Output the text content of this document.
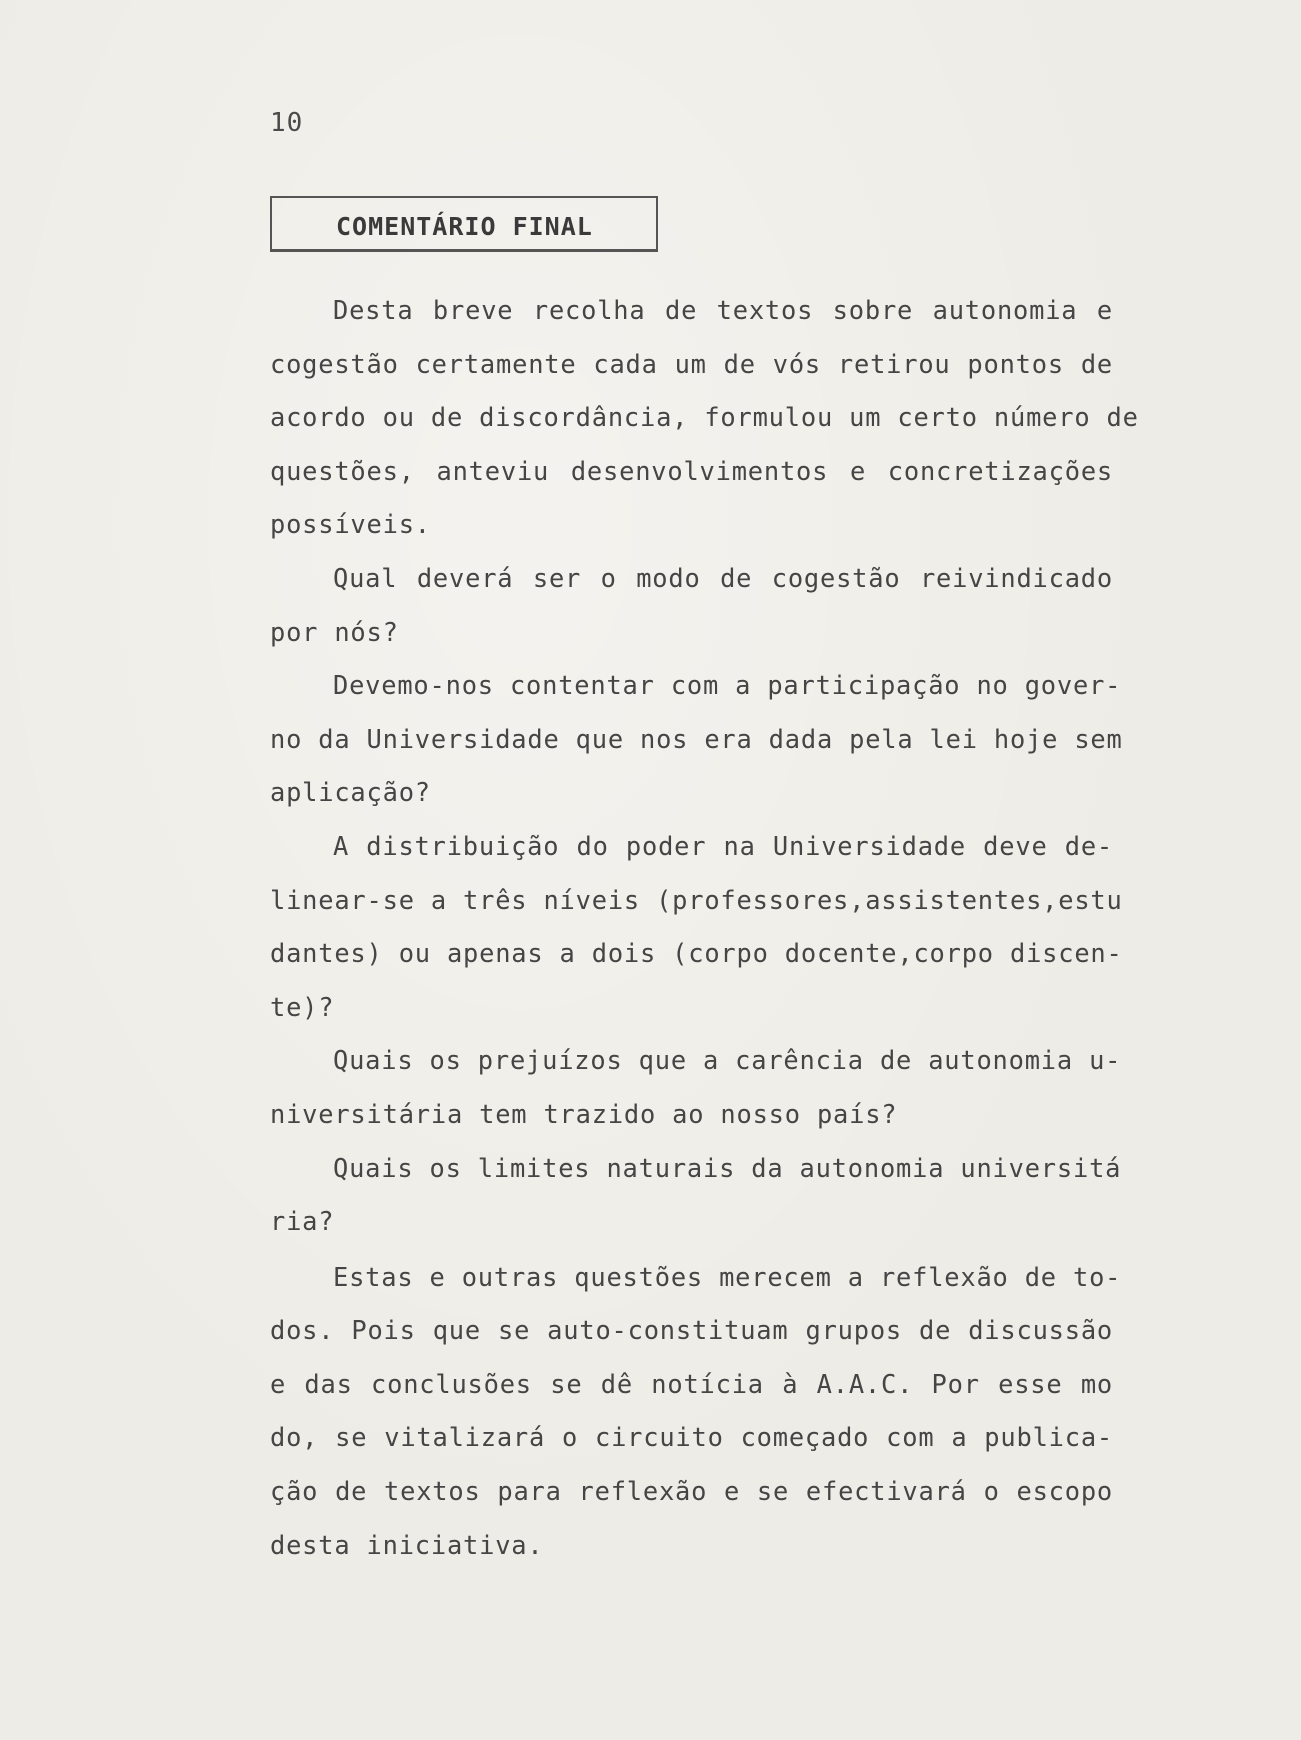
10
COMENTÁRIO FINAL
Desta breve recolha de textos sobre autonomia e
cogestão certamente cada um de vós retirou pontos de
acordo ou de discordância, formulou um certo número de
questões, anteviu desenvolvimentos e concretizações
possíveis.
Qual deverá ser o modo de cogestão reivindicado
por nós?
Devemo-nos contentar com a participação no gover-
no da Universidade que nos era dada pela lei hoje sem
aplicação?
A distribuição do poder na Universidade deve de-
linear-se a três níveis (professores,assistentes,estu
dantes) ou apenas a dois (corpo docente,corpo discen-
te)?
Quais os prejuízos que a carência de autonomia u-
niversitária tem trazido ao nosso país?
Quais os limites naturais da autonomia universitá
ria?
Estas e outras questões merecem a reflexão de to-
dos. Pois que se auto-constituam grupos de discussão
e das conclusões se dê notícia à A.A.C. Por esse mo
do, se vitalizará o circuito começado com a publica-
ção de textos para reflexão e se efectivará o escopo
desta iniciativa.
